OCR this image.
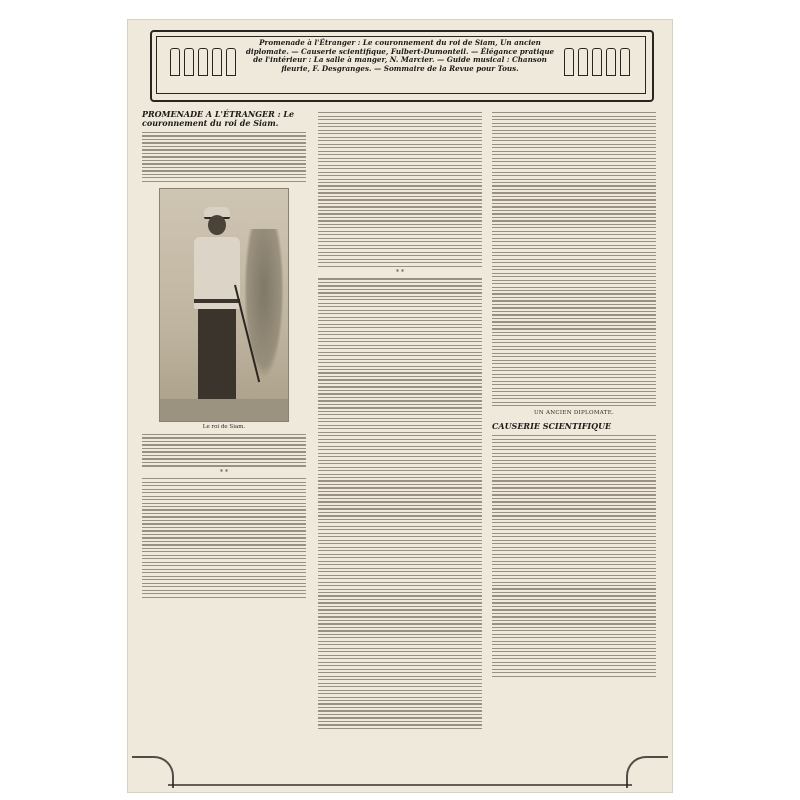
Promenade à l'Étranger : Le couronnement du roi de Siam, Un ancien diplomate. — Causerie scientifique, Fulbert-Dumonteil. — Élégance pratique de l'intérieur : La salle à manger, N. Marcier. — Guide musical : Chanson fleurie, F. Desgranges. — Sommaire de la Revue pour Tous.
PROMENADE A L'ÉTRANGER : Le couronnement du roi de Siam.
Le roi de Siam.
* *
* *
UN ANCIEN DIPLOMATE.
CAUSERIE SCIENTIFIQUE
